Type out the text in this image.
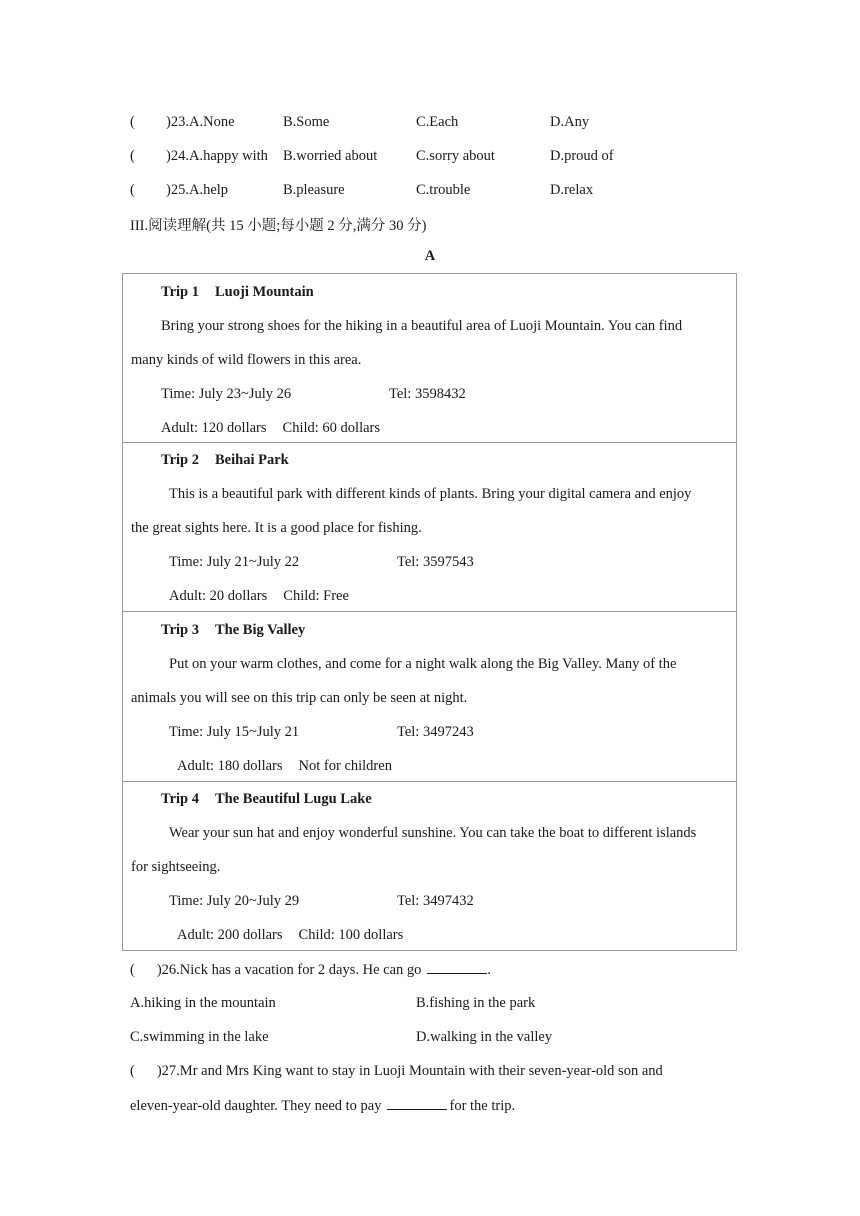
( )23. A.None	B.Some	C.Each	D.Any
( )24. A.happy with B.worried about	C.sorry about	D.proud of
( )25. A.help	B.pleasure	C.trouble	D.relax
III.阅读理解(共 15 小题;每小题 2 分,满分 30 分)
A
Trip 1 Luoji Mountain
Bring your strong shoes for the hiking in a beautiful area of Luoji Mountain. You can find
many kinds of wild flowers in this area.
Time: July 23~July 26	Tel: 3598432
Adult: 120 dollars Child: 60 dollars
Trip 2 Beihai Park
This is a beautiful park with different kinds of plants. Bring your digital camera and enjoy
the great sights here. It is a good place for fishing.
Time: July 21~July 22	Tel: 3597543
Adult: 20 dollars Child: Free
Trip 3 The Big Valley
Put on your warm clothes, and come for a night walk along the Big Valley. Many of the
animals you will see on this trip can only be seen at night.
Time: July 15~July 21	Tel: 3497243
Adult: 180 dollars Not for children
Trip 4 The Beautiful Lugu Lake
Wear your sun hat and enjoy wonderful sunshine. You can take the boat to different islands
for sightseeing.
Time: July 20~July 29	Tel: 3497432
Adult: 200 dollars Child: 100 dollars
( )26.Nick has a vacation for 2 days. He can go	.
A.hiking in the mountain	B.fishing in the park
C.swimming in the lake	D.walking in the valley
( )27.Mr and Mrs King want to stay in Luoji Mountain with their seven-year-old son and
eleven-year-old daughter. They need to pay	for the trip.
